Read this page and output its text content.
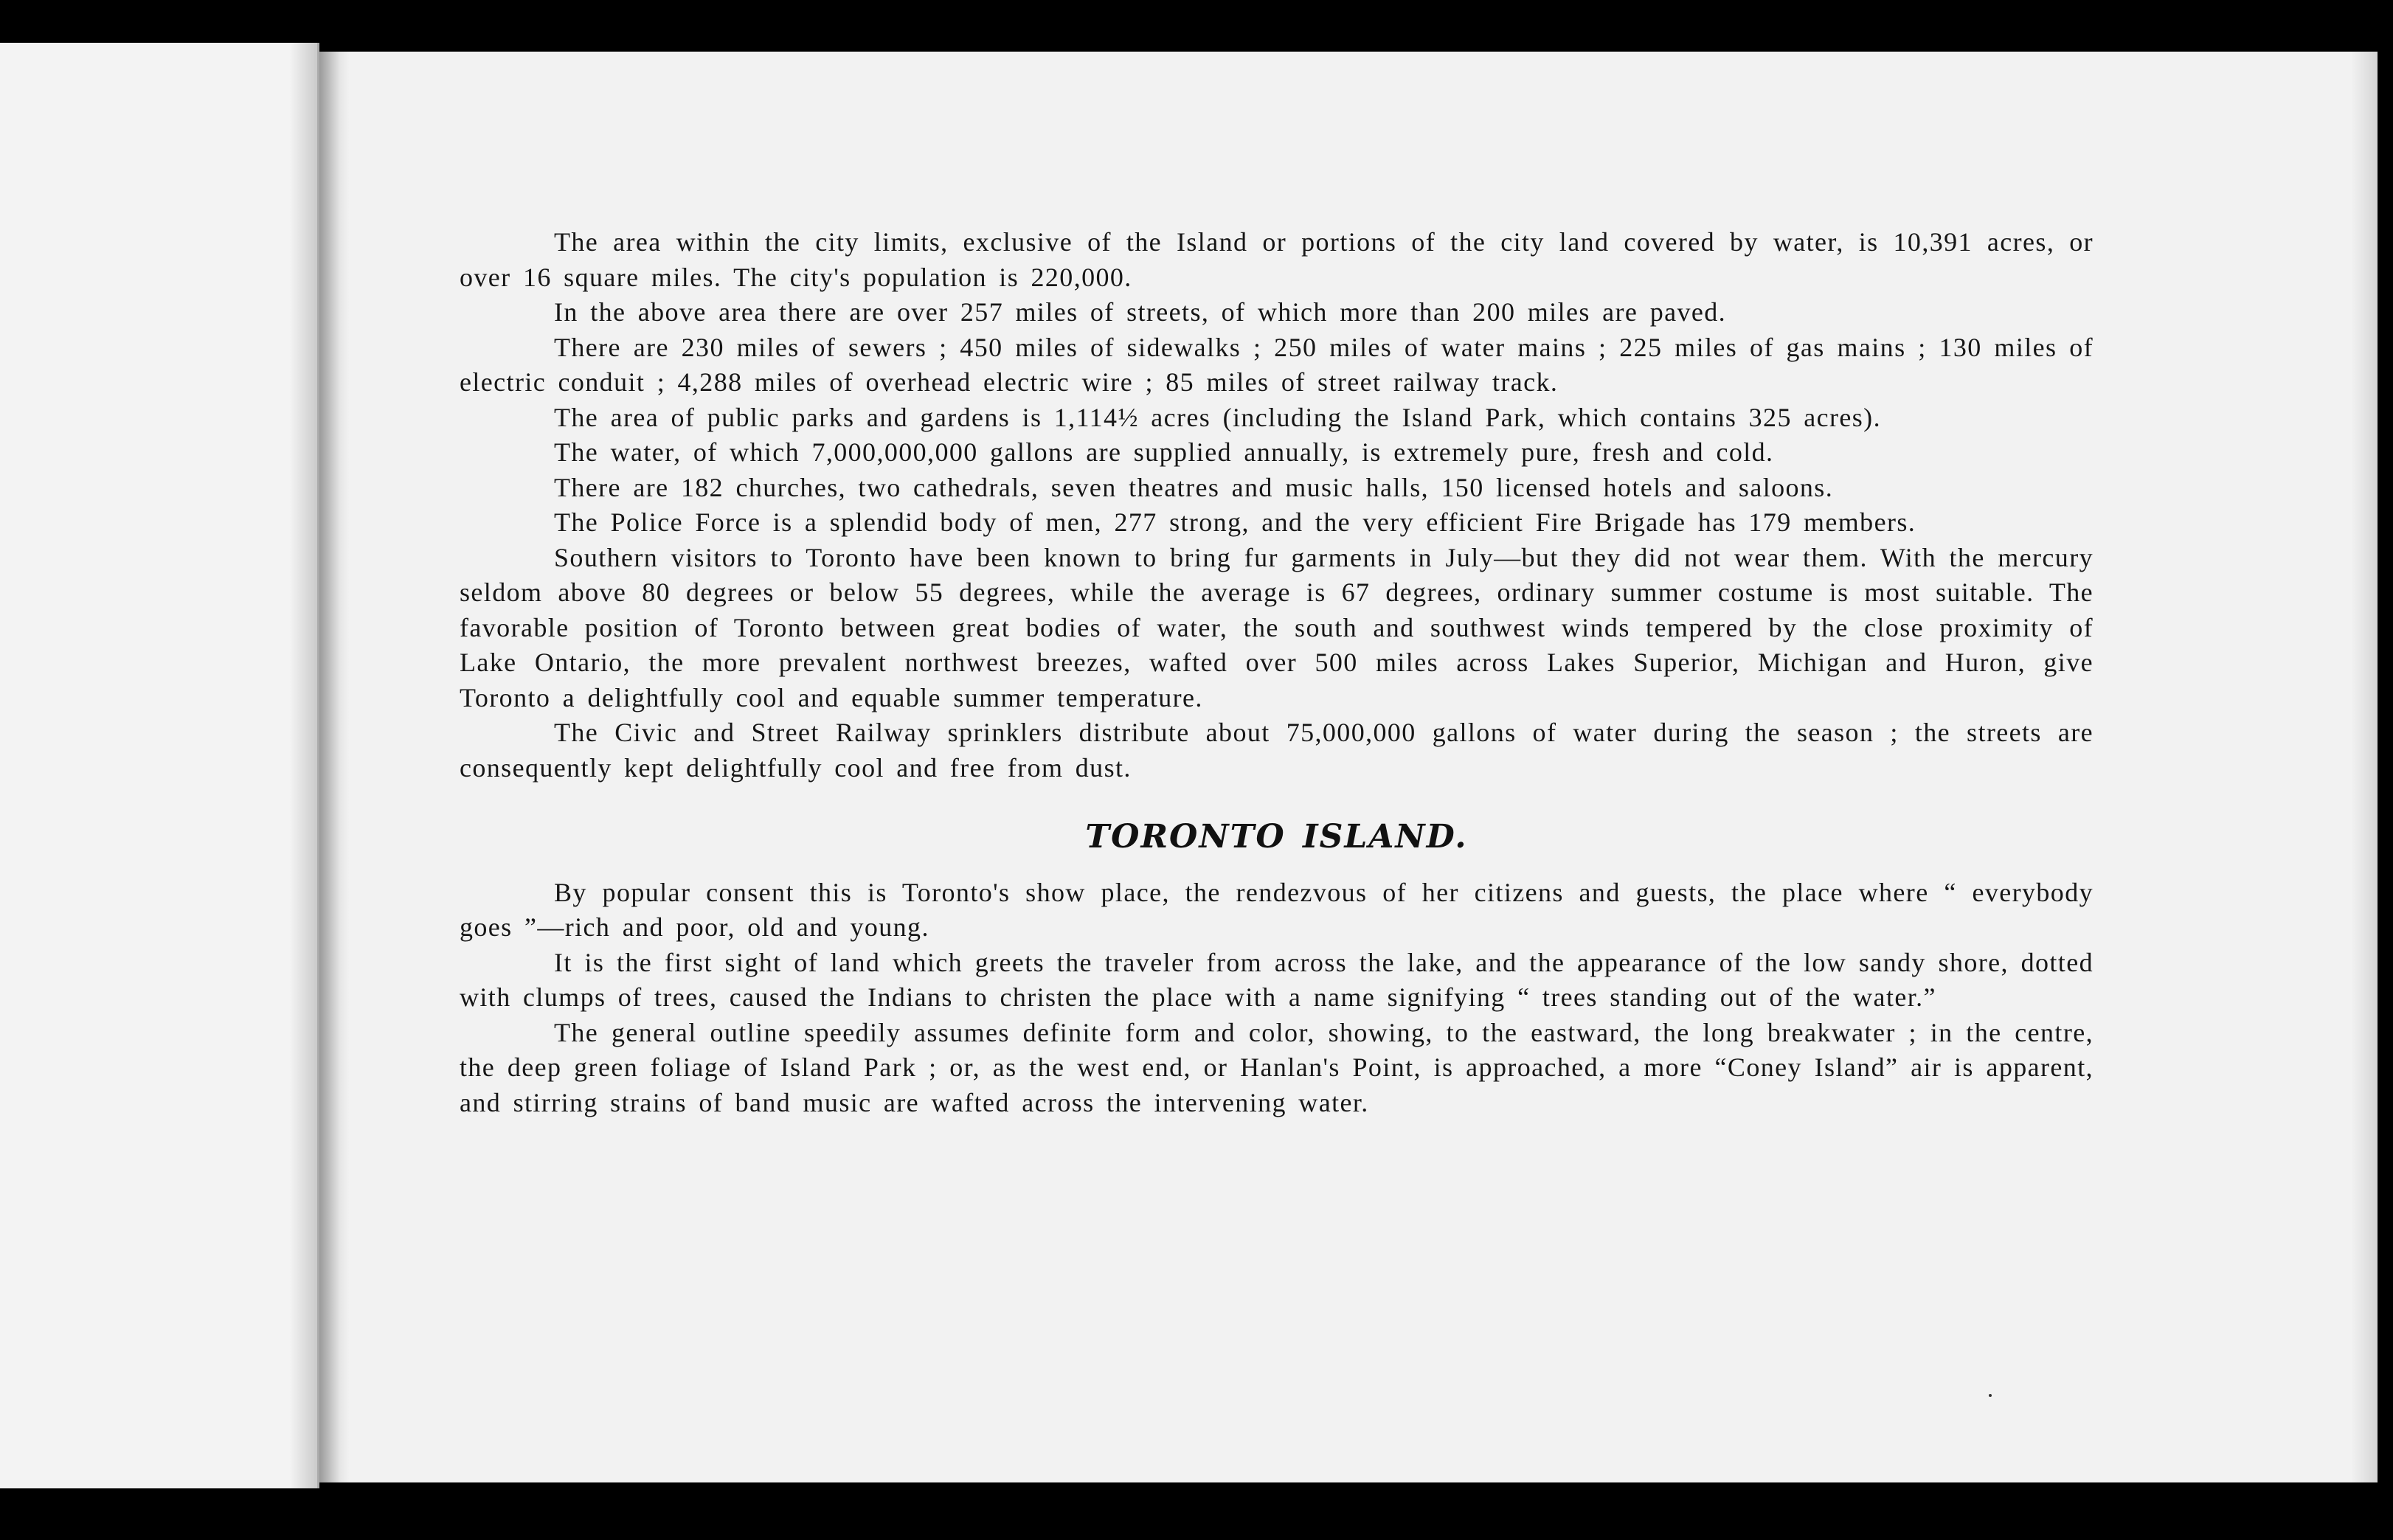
The area within the city limits, exclusive of the Island or portions of the city land covered by water, is 10,391 acres, or over 16 square miles. The city's population is 220,000.

In the above area there are over 257 miles of streets, of which more than 200 miles are paved.

There are 230 miles of sewers ; 450 miles of sidewalks ; 250 miles of water mains ; 225 miles of gas mains ; 130 miles of electric conduit ; 4,288 miles of overhead electric wire ; 85 miles of street railway track.

The area of public parks and gardens is 1,114½ acres (including the Island Park, which contains 325 acres).

The water, of which 7,000,000,000 gallons are supplied annually, is extremely pure, fresh and cold.

There are 182 churches, two cathedrals, seven theatres and music halls, 150 licensed hotels and saloons.

The Police Force is a splendid body of men, 277 strong, and the very efficient Fire Brigade has 179 members.

Southern visitors to Toronto have been known to bring fur garments in July—but they did not wear them. With the mercury seldom above 80 degrees or below 55 degrees, while the average is 67 degrees, ordinary summer costume is most suitable. The favorable position of Toronto between great bodies of water, the south and southwest winds tempered by the close proximity of Lake Ontario, the more prevalent northwest breezes, wafted over 500 miles across Lakes Superior, Michigan and Huron, give Toronto a delightfully cool and equable summer temperature.

The Civic and Street Railway sprinklers distribute about 75,000,000 gallons of water during the season ; the streets are consequently kept delightfully cool and free from dust.

TORONTO ISLAND.

By popular consent this is Toronto's show place, the rendezvous of her citizens and guests, the place where “ everybody goes ”—rich and poor, old and young.

It is the first sight of land which greets the traveler from across the lake, and the appearance of the low sandy shore, dotted with clumps of trees, caused the Indians to christen the place with a name signifying “ trees standing out of the water.”

The general outline speedily assumes definite form and color, showing, to the eastward, the long breakwater ; in the centre, the deep green foliage of Island Park ; or, as the west end, or Hanlan's Point, is approached, a more “Coney Island” air is apparent, and stirring strains of band music are wafted across the intervening water.
